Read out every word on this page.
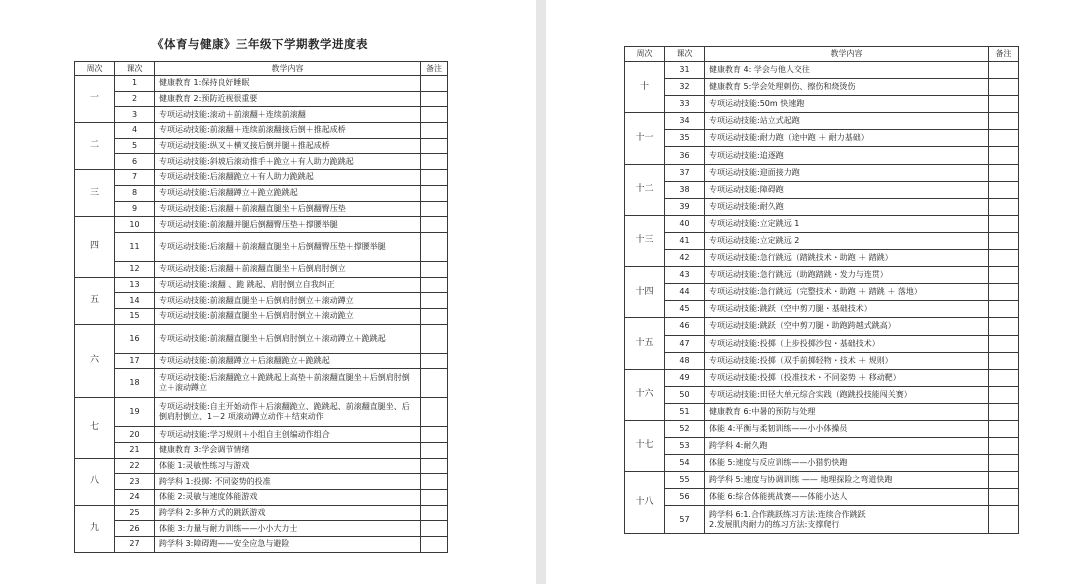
《体育与健康》三年级下学期教学进度表
周次	课次	教学内容	备注
一	1	健康教育 1:保持良好睡眠	
	2	健康教育 2:预防近视很重要	
	3	专项运动技能:滚动＋前滚翻＋连续前滚翻	
二	4	专项运动技能:前滚翻＋连续前滚翻接后倒＋推起成桥	
	5	专项运动技能:纵叉＋横叉接后倒并腿＋推起成桥	
	6	专项运动技能:斜坡后滚动推手＋跪立＋有人助力跪跳起	
三	7	专项运动技能:后滚翻跪立＋有人助力跪跳起	
	8	专项运动技能:后滚翻蹲立＋跪立跪跳起	
	9	专项运动技能:后滚翻＋前滚翻直腿坐＋后倒翻臀压垫	
四	10	专项运动技能:前滚翻并腿后倒翻臀压垫＋撑腰举腿	
	11	专项运动技能:后滚翻＋前滚翻直腿坐＋后倒翻臀压垫＋撑腰举腿	
	12	专项运动技能:后滚翻＋前滚翻直腿坐＋后倒肩肘倒立	
五	13	专项运动技能:滚翻 、跪 跳起、肩肘倒立自我纠正	
	14	专项运动技能:前滚翻直腿坐＋后倒肩肘倒立＋滚动蹲立	
	15	专项运动技能:前滚翻直腿坐＋后倒肩肘倒立＋滚动跪立	
六	16	专项运动技能:前滚翻直腿坐＋后倒肩肘倒立＋滚动蹲立＋跪跳起	
	17	专项运动技能:前滚翻蹲立＋后滚翻跪立＋跪跳起	
	18	专项运动技能:后滚翻跪立＋跪跳起上高垫＋前滚翻直腿坐＋后倒肩肘倒立＋滚动蹲立	
七	19	专项运动技能:自主开始动作＋后滚翻跪立、跪跳起、前滚翻直腿坐、后倒肩肘倒立、1－2 项滚动蹲立动作＋结束动作	
	20	专项运动技能:学习规则＋小组自主创编动作组合	
	21	健康教育 3:学会调节情绪	
八	22	体能 1:灵敏性练习与游戏	
	23	跨学科 1:投掷: 不同姿势的投准	
	24	体能 2:灵敏与速度体能游戏	
九	25	跨学科 2:多种方式的跳跃游戏	
	26	体能 3:力量与耐力训练——小小大力士	
	27	跨学科 3:障碍跑——安全应急与避险	
周次	课次	教学内容	备注
十	31	健康教育 4: 学会与他人交往	
	32	健康教育 5:学会处理刺伤、擦伤和烧烫伤	
	33	专项运动技能:50m 快速跑	
十一	34	专项运动技能:站立式起跑	
	35	专项运动技能:耐力跑（途中跑 ＋ 耐力基础）	
	36	专项运动技能:追逐跑	
十二	37	专项运动技能:迎面接力跑	
	38	专项运动技能:障碍跑	
	39	专项运动技能:耐久跑	
十三	40	专项运动技能:立定跳远 1	
	41	专项运动技能:立定跳远 2	
	42	专项运动技能:急行跳远（踏跳技术・助跑 ＋ 踏跳）	
十四	43	专项运动技能:急行跳远（助跑踏跳・发力与连贯）	
	44	专项运动技能:急行跳远（完整技术・助跑 ＋ 踏跳 ＋ 落地）	
	45	专项运动技能:跳跃（空中剪刀腿・基础技术）	
十五	46	专项运动技能:跳跃（空中剪刀腿・助跑跨越式跳高）	
	47	专项运动技能:投掷（上步投掷沙包・基础技术）	
	48	专项运动技能:投掷（双手前掷轻物・技术 ＋ 规则）	
十六	49	专项运动技能:投掷（投准技术・不同姿势 ＋ 移动靶）	
	50	专项运动技能:田径大单元综合实践（跑跳投技能闯关赛）	
	51	健康教育 6:中暑的预防与处理	
十七	52	体能 4:平衡与柔韧训练——小小体操员	
	53	跨学科 4:耐久跑	
	54	体能 5:速度与反应训练——小猎豹快跑	
十八	55	跨学科 5:速度与协调训练 —— 地理探险之弯道快跑	
	56	体能 6:综合体能挑战赛——体能小达人	
	57	跨学科 6:1.合作跳跃练习方法:连续合作跳跃
2.发展肌肉耐力的练习方法:支撑爬行	
